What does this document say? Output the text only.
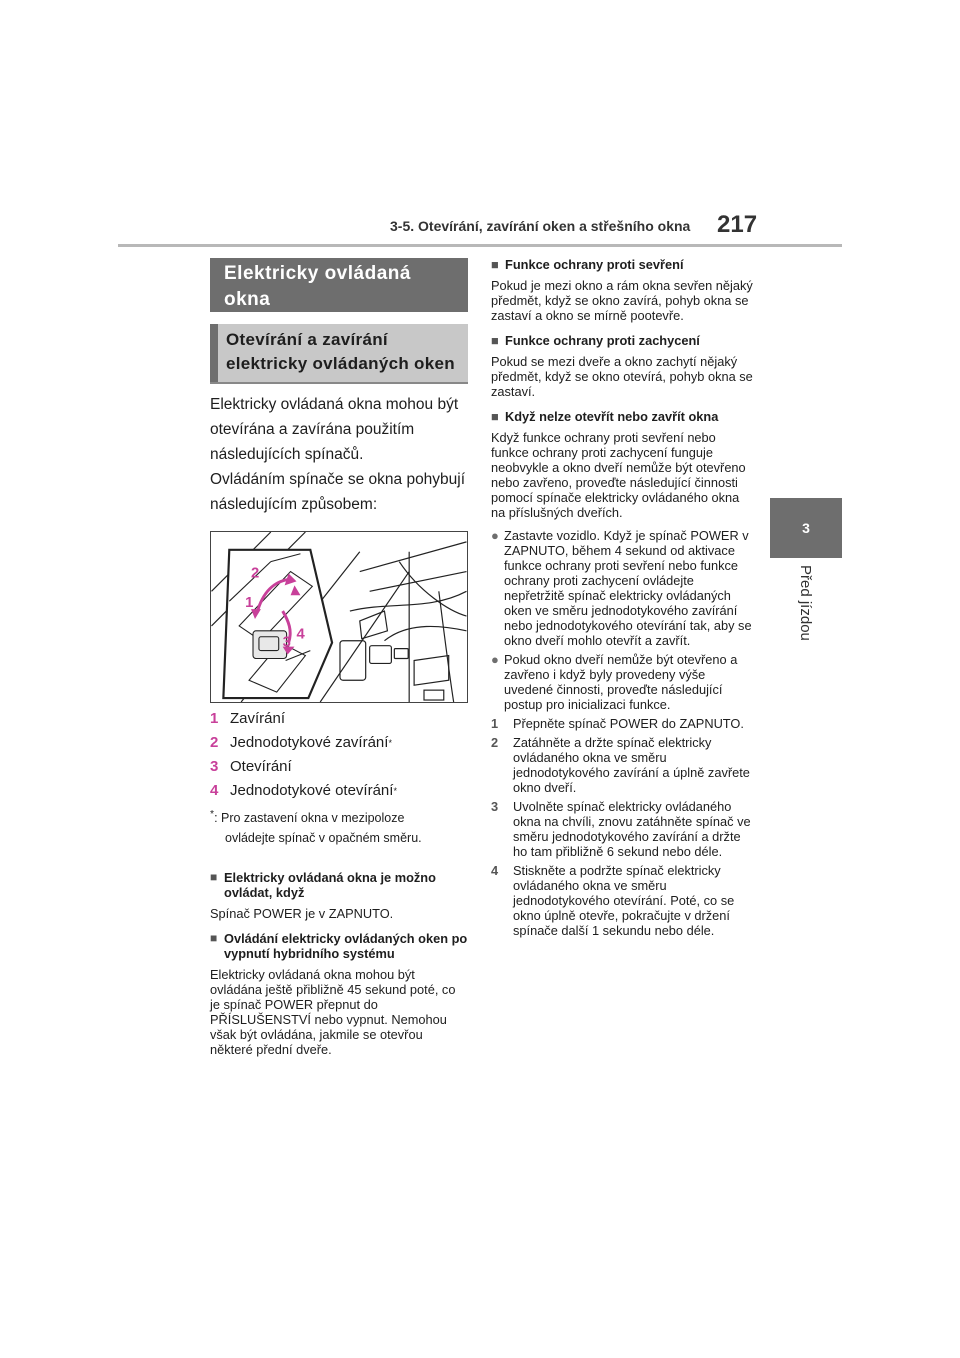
3-5. Otevírání, zavírání oken a střešního okna 217
3
Před jízdou
Elektricky ovládaná okna
Otevírání a zavírání elektricky ovládaných oken

Elektricky ovládaná okna mohou být otevírána a zavírána použitím následujících spínačů.

Ovládáním spínače se okna pohybují následujícím způsobem:

2
1
3 4
1 Zavírání
2 Jednodotykové zavírání *
3 Otevírání
4 Jednodotykové otevírání *
*: Pro zastavení okna v mezipoloze
ovládejte spínač v opačném směru.
■ Elektricky ovládaná okna je možno ovládat, když
Spínač POWER je v ZAPNUTO.
■ Ovládání elektricky ovládaných oken po vypnutí hybridního systému
Elektricky ovládaná okna mohou být ovládána ještě přibližně 45 sekund poté, co je spínač POWER přepnut do PŘÍSLUŠENSTVÍ nebo vypnut. Nemohou však být ovládána, jakmile se otevřou některé přední dveře.
■ Funkce ochrany proti sevření
Pokud je mezi okno a rám okna sevřen nějaký předmět, když se okno zavírá, pohyb okna se zastaví a okno se mírně pootevře.
■ Funkce ochrany proti zachycení
Pokud se mezi dveře a okno zachytí nějaký předmět, když se okno otevírá, pohyb okna se zastaví.
■ Když nelze otevřít nebo zavřít okna
Když funkce ochrany proti sevření nebo funkce ochrany proti zachycení funguje neobvykle a okno dveří nemůže být otevřeno nebo zavřeno, proveďte následující činnosti pomocí spínače elektricky ovládaného okna na příslušných dveřích.
● Zastavte vozidlo. Když je spínač POWER v ZAPNUTO, během 4 sekund od aktivace funkce ochrany proti sevření nebo funkce ochrany proti zachycení ovládejte nepřetržitě spínač elektricky ovládaných oken ve směru jednodotykového zavírání nebo jednodotykového otevírání tak, aby se okno dveří mohlo otevřít a zavřít.
● Pokud okno dveří nemůže být otevřeno a zavřeno i když byly provedeny výše uvedené činnosti, proveďte následující postup pro inicializaci funkce.
1	Přepněte spínač POWER do ZAPNUTO.
2	Zatáhněte a držte spínač elektricky ovládaného okna ve směru jednodotykového zavírání a úplně zavřete okno dveří.
3	Uvolněte spínač elektricky ovládaného okna na chvíli, znovu zatáhněte spínač ve směru jednodotykového zavírání a držte ho tam přibližně 6 sekund nebo déle.
4	Stiskněte a podržte spínač elektricky ovládaného okna ve směru jednodotykového otevírání. Poté, co se okno úplně otevře, pokračujte v držení spínače další 1 sekundu nebo déle.
